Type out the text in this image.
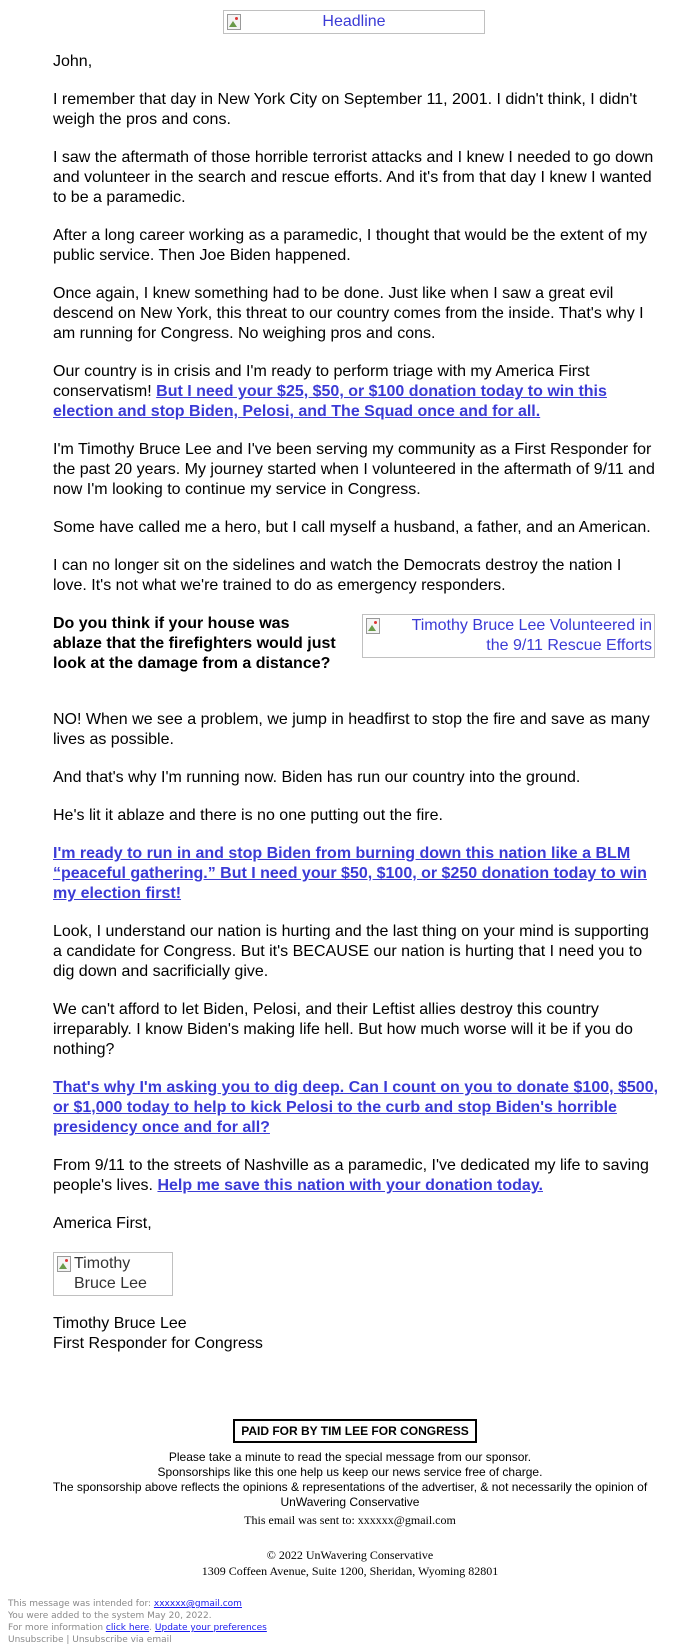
Headline

John,

I remember that day in New York City on September 11, 2001. I didn't think, I didn't weigh the pros and cons.

I saw the aftermath of those horrible terrorist attacks and I knew I needed to go down and volunteer in the search and rescue efforts. And it's from that day I knew I wanted to be a paramedic.

After a long career working as a paramedic, I thought that would be the extent of my public service. Then Joe Biden happened.

Once again, I knew something had to be done. Just like when I saw a great evil descend on New York, this threat to our country comes from the inside. That's why I am running for Congress. No weighing pros and cons.

Our country is in crisis and I'm ready to perform triage with my America First conservatism! But I need your $25, $50, or $100 donation today to win this election and stop Biden, Pelosi, and The Squad once and for all.

I'm Timothy Bruce Lee and I've been serving my community as a First Responder for the past 20 years. My journey started when I volunteered in the aftermath of 9/11 and now I'm looking to continue my service in Congress.

Some have called me a hero, but I call myself a husband, a father, and an American.

I can no longer sit on the sidelines and watch the Democrats destroy the nation I love. It's not what we're trained to do as emergency responders.

Do you think if your house was ablaze that the firefighters would just look at the damage from a distance?
Timothy Bruce Lee Volunteered in the 9/11 Rescue Efforts

NO! When we see a problem, we jump in headfirst to stop the fire and save as many lives as possible.

And that's why I'm running now. Biden has run our country into the ground.

He's lit it ablaze and there is no one putting out the fire.

I'm ready to run in and stop Biden from burning down this nation like a BLM “peaceful gathering.” But I need your $50, $100, or $250 donation today to win my election first!

Look, I understand our nation is hurting and the last thing on your mind is supporting a candidate for Congress. But it's BECAUSE our nation is hurting that I need you to dig down and sacrificially give.

We can't afford to let Biden, Pelosi, and their Leftist allies destroy this country irreparably. I know Biden's making life hell. But how much worse will it be if you do nothing?

That's why I'm asking you to dig deep. Can I count on you to donate $100, $500, or $1,000 today to help to kick Pelosi to the curb and stop Biden's horrible presidency once and for all?

From 9/11 to the streets of Nashville as a paramedic, I've dedicated my life to saving people's lives. Help me save this nation with your donation today.

America First,

Timothy Bruce Lee
Timothy Bruce Lee
First Responder for Congress
PAID FOR BY TIM LEE FOR CONGRESS
Please take a minute to read the special message from our sponsor.
Sponsorships like this one help us keep our news service free of charge.
The sponsorship above reflects the opinions & representations of the advertiser, & not necessarily the opinion of UnWavering Conservative
This email was sent to: xxxxxx@gmail.com
© 2022 UnWavering Conservative
1309 Coffeen Avenue, Suite 1200, Sheridan, Wyoming 82801
This message was intended for: xxxxxx@gmail.com
You were added to the system May 20, 2022.
For more information click here. Update your preferences
Unsubscribe | Unsubscribe via email
